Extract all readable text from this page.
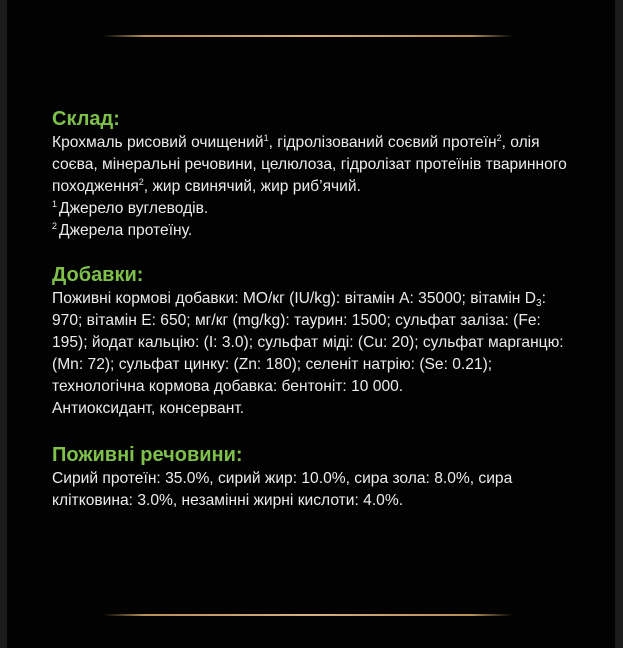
Склад:

Крохмаль рисовий очищений$^1$, гідролізований соєвий протеїн$^2$, олія соєва, мінеральні речовини, целюлоза, гідролізат протеїнів тваринного походження$^2$, жир свинячий, жир риб’ячий.

$^1$ Джерело вуглеводів.

$^2$ Джерела протеїну.

Добавки:

Поживні кормові добавки: МО/кг (IU/kg): вітамін А: 35000; вітамін $D_3$: 970; вітамін Е: 650; мг/кг (mg/kg): таурин: 1500; сульфат заліза: (Fe: 195); йодат кальцію: (I: 3.0); сульфат міді: (Cu: 20); сульфат марганцю: (Mn: 72); сульфат цинку: (Zn: 180); селеніт натрію: (Se: 0.21); технологічна кормова добавка: бентоніт: 10 000.

Антиоксидант, консервант.

Поживні речовини:

Сирий протеїн: 35.0%, сирий жир: 10.0%, сира зола: 8.0%, сира клітковина: 3.0%, незамінні жирні кислоти: 4.0%.
